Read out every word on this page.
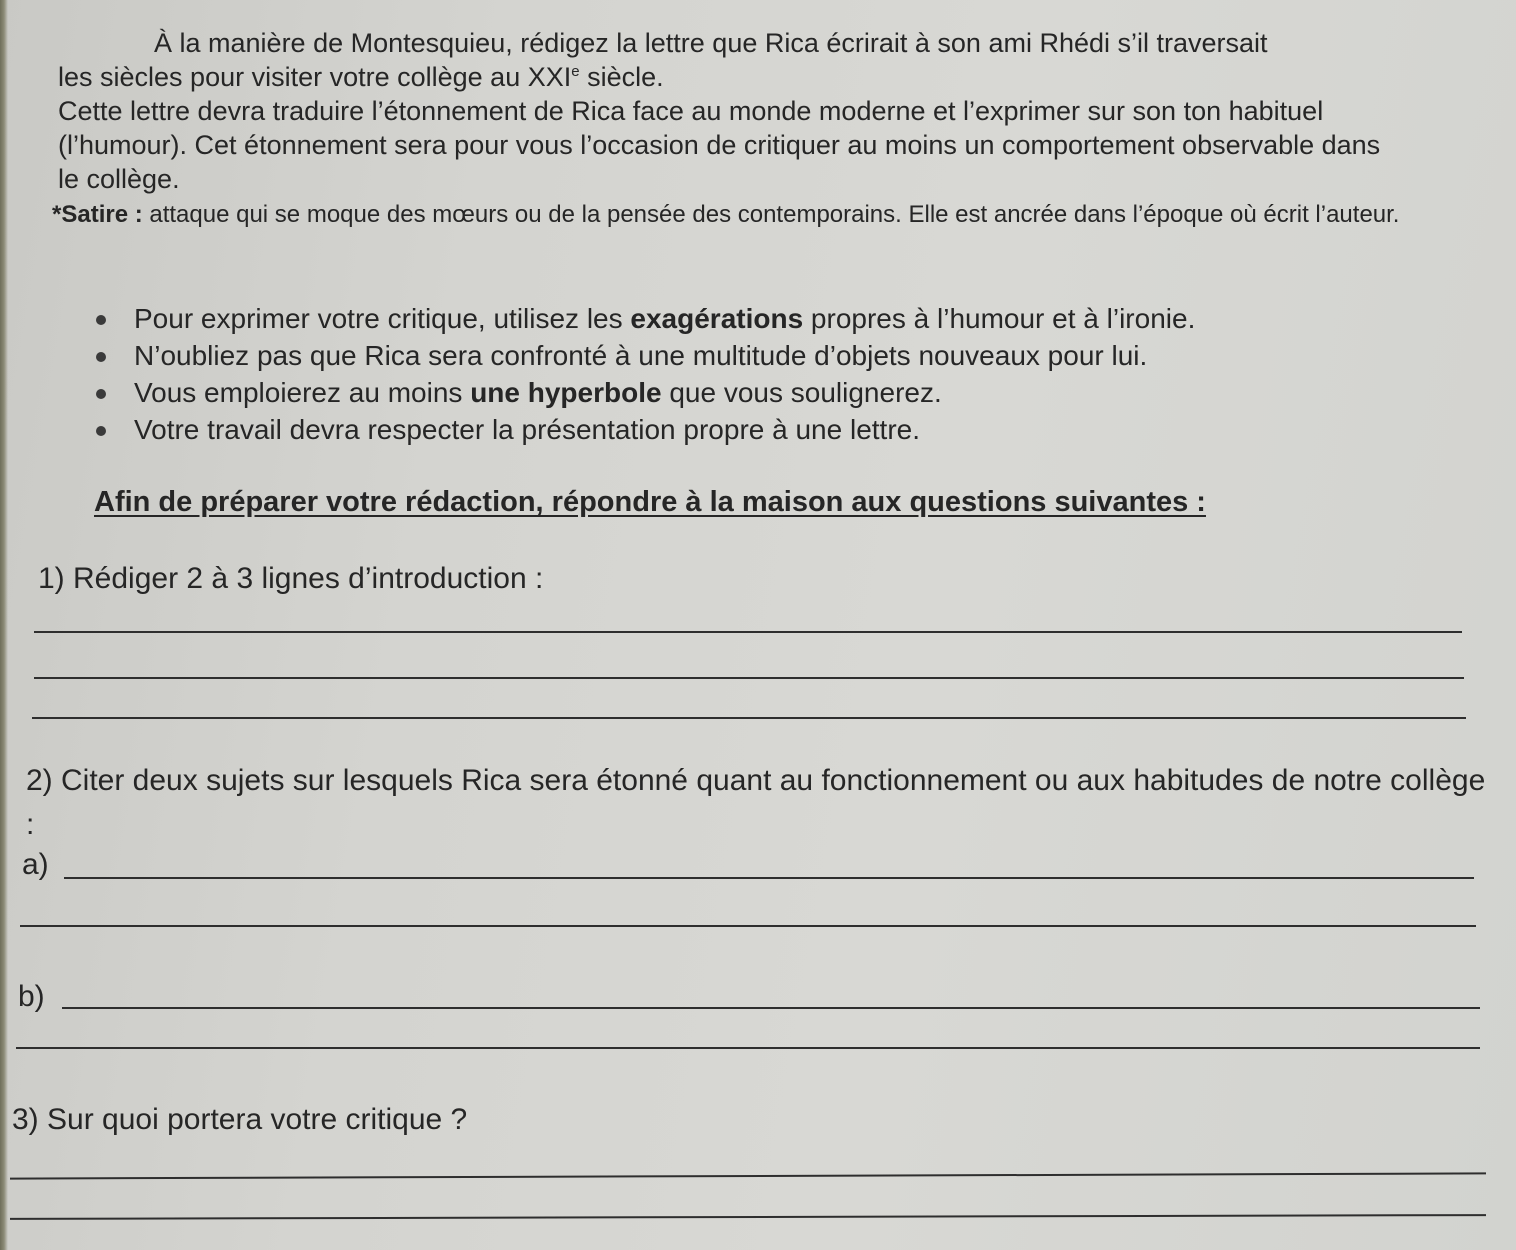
À la manière de Montesquieu, rédigez la lettre que Rica écrirait à son ami Rhédi s’il traversait
les siècles pour visiter votre collège au XXIe siècle.
Cette lettre devra traduire l’étonnement de Rica face au monde moderne et l’exprimer sur son ton habituel (l’humour). Cet étonnement sera pour vous l’occasion de critiquer au moins un comportement observable dans le collège.
*Satire : attaque qui se moque des mœurs ou de la pensée des contemporains. Elle est ancrée dans l’époque où écrit l’auteur.
Pour exprimer votre critique, utilisez les exagérations propres à l’humour et à l’ironie.
N’oubliez pas que Rica sera confronté à une multitude d’objets nouveaux pour lui.
Vous emploierez au moins une hyperbole que vous soulignerez.
Votre travail devra respecter la présentation propre à une lettre.
Afin de préparer votre rédaction, répondre à la maison aux questions suivantes :
1) Rédiger 2 à 3 lignes d’introduction :
2) Citer deux sujets sur lesquels Rica sera étonné quant au fonctionnement ou aux habitudes de notre collège :
a)
b)
3) Sur quoi portera votre critique ?
